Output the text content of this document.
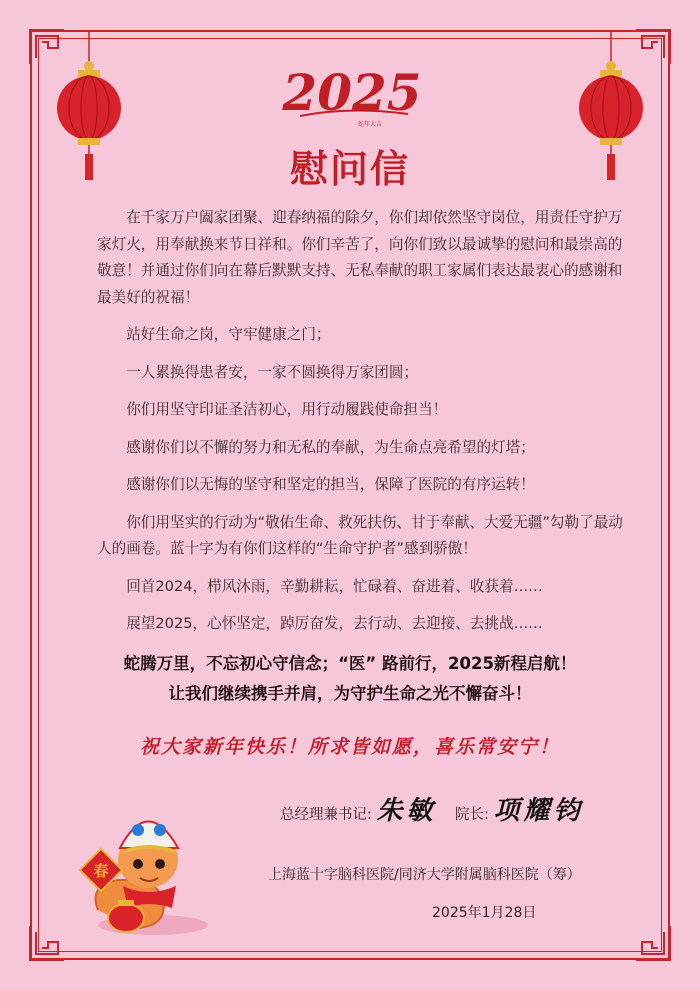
2025
蛇年大吉
慰问信

在千家万户阖家团聚、迎春纳福的除夕，你们却依然坚守岗位，用责任守护万家灯火，用奉献换来节日祥和。你们辛苦了，向你们致以最诚挚的慰问和最崇高的敬意！并通过你们向在幕后默默支持、无私奉献的职工家属们表达最衷心的感谢和最美好的祝福！

站好生命之岗，守牢健康之门；

一人累换得患者安，一家不圆换得万家团圆；

你们用坚守印证圣洁初心，用行动履践使命担当！

感谢你们以不懈的努力和无私的奉献，为生命点亮希望的灯塔；

感谢你们以无悔的坚守和坚定的担当，保障了医院的有序运转！

你们用坚实的行动为“敬佑生命、救死扶伤、甘于奉献、大爱无疆”勾勒了最动人的画卷。蓝十字为有你们这样的“生命守护者”感到骄傲！

回首2024，栉风沐雨，辛勤耕耘，忙碌着、奋进着、收获着……

展望2025，心怀坚定，踔厉奋发，去行动、去迎接、去挑战……

蛇腾万里，不忘初心守信念；“医” 路前行，2025新程启航！
让我们继续携手并肩，为守护生命之光不懈奋斗！
祝大家新年快乐！所求皆如愿，喜乐常安宁！
总经理兼书记: 朱敏 院长: 项耀钧
上海蓝十字脑科医院/同济大学附属脑科医院（筹）
2025年1月28日
春
